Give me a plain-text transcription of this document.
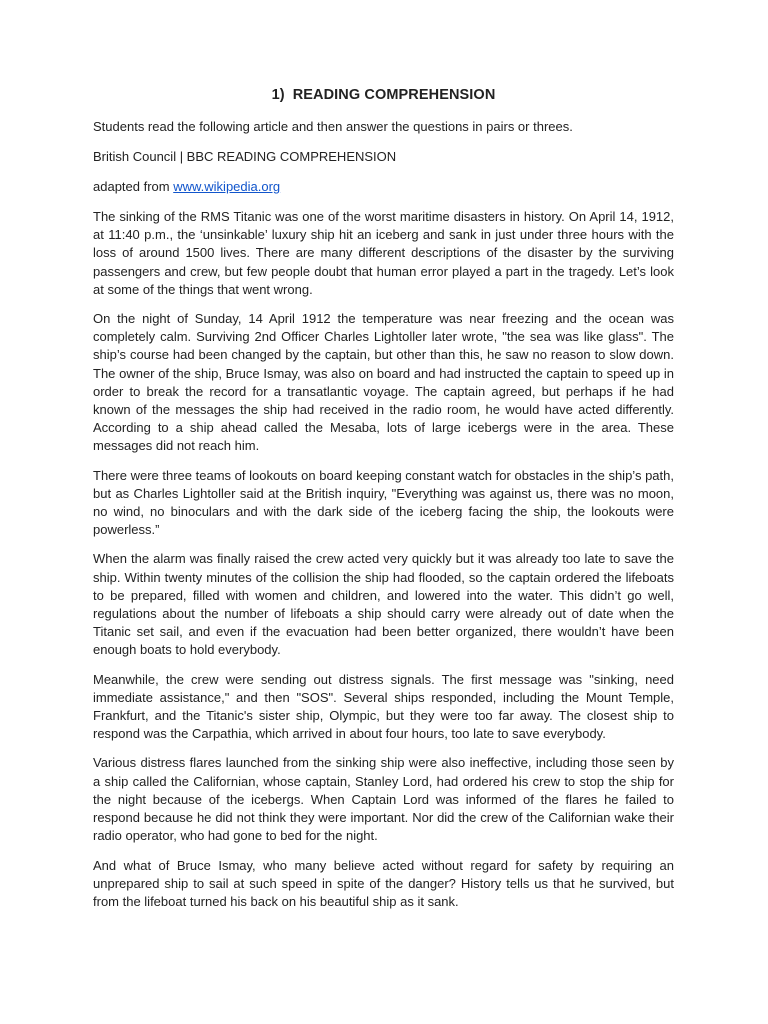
1) READING COMPREHENSION
Students read the following article and then answer the questions in pairs or threes.
British Council | BBC READING COMPREHENSION
adapted from www.wikipedia.org

The sinking of the RMS Titanic was one of the worst maritime disasters in history. On April 14, 1912, at 11:40 p.m., the ‘unsinkable’ luxury ship hit an iceberg and sank in just under three hours with the loss of around 1500 lives. There are many different descriptions of the disaster by the surviving passengers and crew, but few people doubt that human error played a part in the tragedy. Let’s look at some of the things that went wrong.

On the night of Sunday, 14 April 1912 the temperature was near freezing and the ocean was completely calm. Surviving 2nd Officer Charles Lightoller later wrote, "the sea was like glass". The ship’s course had been changed by the captain, but other than this, he saw no reason to slow down. The owner of the ship, Bruce Ismay, was also on board and had instructed the captain to speed up in order to break the record for a transatlantic voyage. The captain agreed, but perhaps if he had known of the messages the ship had received in the radio room, he would have acted differently. According to a ship ahead called the Mesaba, lots of large icebergs were in the area. These messages did not reach him.

There were three teams of lookouts on board keeping constant watch for obstacles in the ship’s path, but as Charles Lightoller said at the British inquiry, "Everything was against us, there was no moon, no wind, no binoculars and with the dark side of the iceberg facing the ship, the lookouts were powerless.”

When the alarm was finally raised the crew acted very quickly but it was already too late to save the ship. Within twenty minutes of the collision the ship had flooded, so the captain ordered the lifeboats to be prepared, filled with women and children, and lowered into the water. This didn’t go well, regulations about the number of lifeboats a ship should carry were already out of date when the Titanic set sail, and even if the evacuation had been better organized, there wouldn’t have been enough boats to hold everybody.

Meanwhile, the crew were sending out distress signals. The first message was "sinking, need immediate assistance," and then "SOS". Several ships responded, including the Mount Temple, Frankfurt, and the Titanic's sister ship, Olympic, but they were too far away. The closest ship to respond was the Carpathia, which arrived in about four hours, too late to save everybody.

Various distress flares launched from the sinking ship were also ineffective, including those seen by a ship called the Californian, whose captain, Stanley Lord, had ordered his crew to stop the ship for the night because of the icebergs. When Captain Lord was informed of the flares he failed to respond because he did not think they were important. Nor did the crew of the Californian wake their radio operator, who had gone to bed for the night.

And what of Bruce Ismay, who many believe acted without regard for safety by requiring an unprepared ship to sail at such speed in spite of the danger? History tells us that he survived, but from the lifeboat turned his back on his beautiful ship as it sank.
